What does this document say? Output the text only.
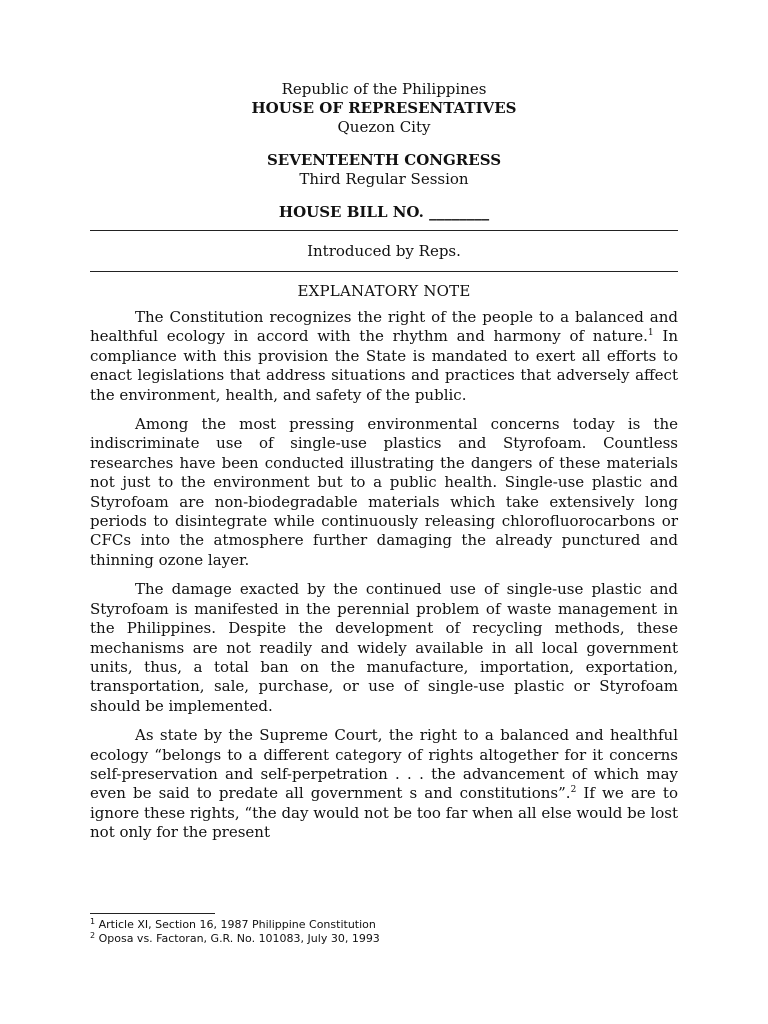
Republic of the Philippines
HOUSE OF REPRESENTATIVES
Quezon City
SEVENTEENTH CONGRESS
Third Regular Session
HOUSE BILL NO. ________
Introduced by Reps.
EXPLANATORY NOTE

The Constitution recognizes the right of the people to a balanced and healthful ecology in accord with the rhythm and harmony of nature.$^1$ In compliance with this provision the State is mandated to exert all efforts to enact legislations that address situations and practices that adversely affect the environment, health, and safety of the public.

Among the most pressing environmental concerns today is the indiscriminate use of single-use plastics and Styrofoam. Countless researches have been conducted illustrating the dangers of these materials not just to the environment but to a public health. Single-use plastic and Styrofoam are non-biodegradable materials which take extensively long periods to disintegrate while continuously releasing chlorofluorocarbons or CFCs into the atmosphere further damaging the already punctured and thinning ozone layer.

The damage exacted by the continued use of single-use plastic and Styrofoam is manifested in the perennial problem of waste management in the Philippines. Despite the development of recycling methods, these mechanisms are not readily and widely available in all local government units, thus, a total ban on the manufacture, importation, exportation, transportation, sale, purchase, or use of single-use plastic or Styrofoam should be implemented.

As state by the Supreme Court, the right to a balanced and healthful ecology “belongs to a different category of rights altogether for it concerns self-preservation and self-perpetration . . . the advancement of which may even be said to predate all government s and constitutions”.$^2$ If we are to ignore these rights, “the day would not be too far when all else would be lost not only for the present

$^1$ Article XI, Section 16, 1987 Philippine Constitution
$^2$ Oposa vs. Factoran, G.R. No. 101083, July 30, 1993
